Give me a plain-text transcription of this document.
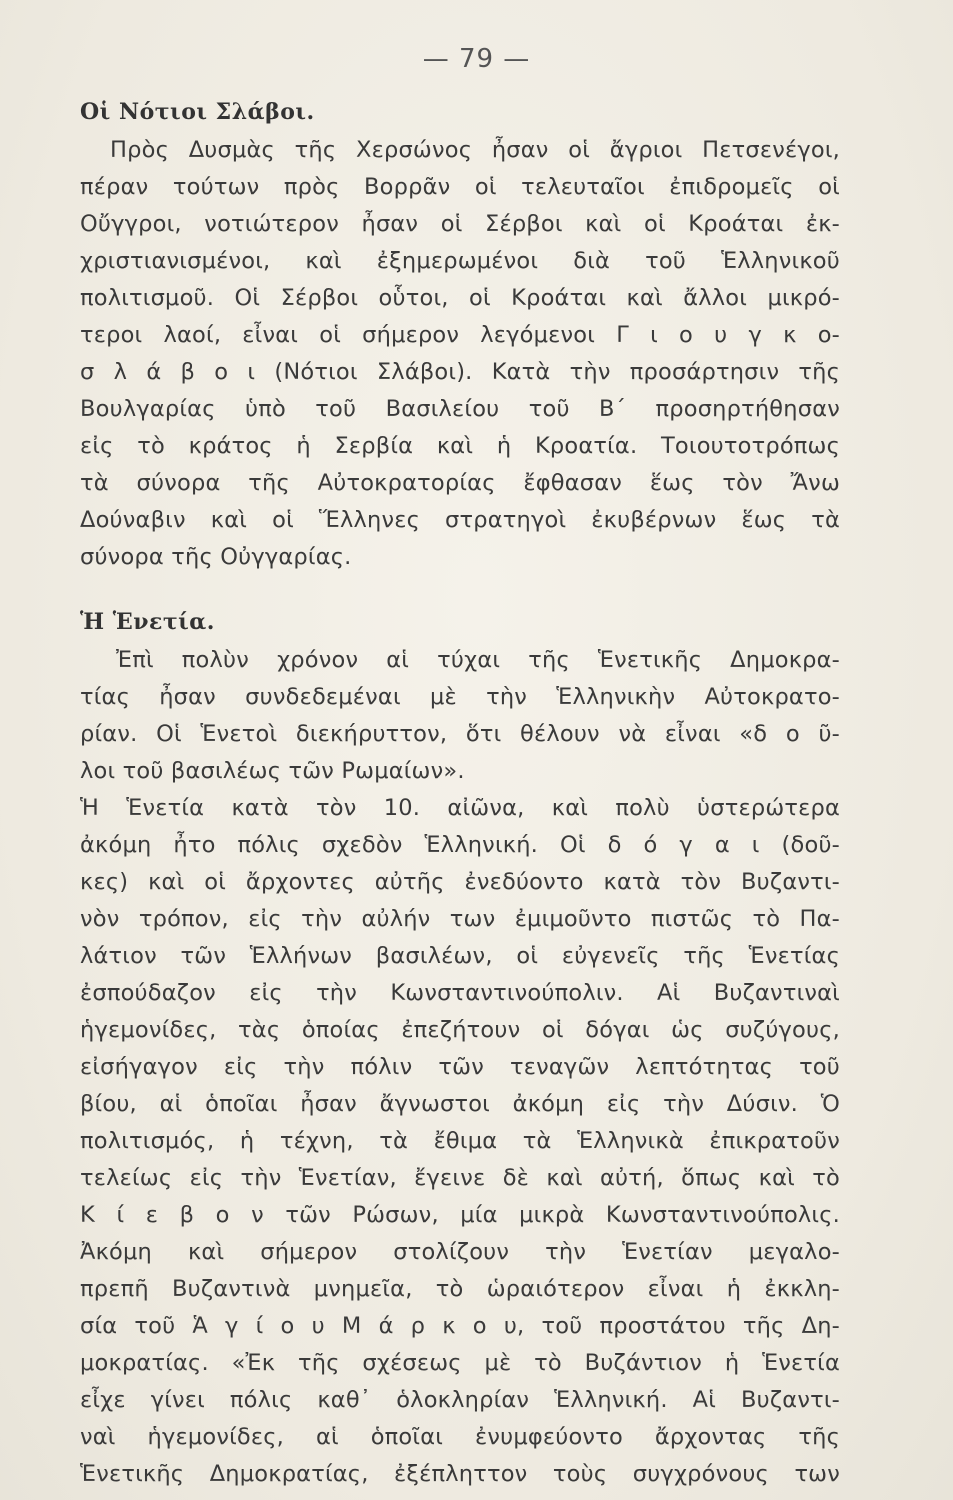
— 79 —
Οἱ Νότιοι Σλάβοι.
Πρὸς Δυσμὰς τῆς Χερσώνος ἦσαν οἱ ἄγριοι Πετσενέγοι,
πέραν τούτων πρὸς Βορρᾶν οἱ τελευταῖοι ἐπιδρομεῖς οἱ
Οὔγγροι, νοτιώτερον ἦσαν οἱ Σέρβοι καὶ οἱ Κροάται ἐκ-
χριστιανισμένοι, καὶ ἐξημερωμένοι διὰ τοῦ Ἑλληνικοῦ
πολιτισμοῦ. Οἱ Σέρβοι οὗτοι, οἱ Κροάται καὶ ἄλλοι μικρό-
τεροι λαοί, εἶναι οἱ σήμερον λεγόμενοι Γ ι ο υ γ κ ο-
σ λ ά β ο ι (Νότιοι Σλάβοι). Κατὰ τὴν προσάρτησιν τῆς
Βουλγαρίας ὑπὸ τοῦ Βασιλείου τοῦ Β΄ προσηρτήθησαν
εἰς τὸ κράτος ἡ Σερβία καὶ ἡ Κροατία. Τοιουτοτρόπως
τὰ σύνορα τῆς Αὐτοκρατορίας ἔφθασαν ἕως τὸν Ἄνω
Δούναβιν καὶ οἱ Ἕλληνες στρατηγοὶ ἐκυβέρνων ἕως τὰ
σύνορα τῆς Οὐγγαρίας.
Ἡ Ἑνετία.
Ἐπὶ πολὺν χρόνον αἱ τύχαι τῆς Ἑνετικῆς Δημοκρα-
τίας ἦσαν συνδεδεμέναι μὲ τὴν Ἑλληνικὴν Αὐτοκρατο-
ρίαν. Οἱ Ἑνετοὶ διεκήρυττον, ὅτι θέλουν νὰ εἶναι «δ ο ῦ-
λοι τοῦ βασιλέως τῶν Ρωμαίων».
Ἡ Ἑνετία κατὰ τὸν 10. αἰῶνα, καὶ πολὺ ὑστερώτερα
ἀκόμη ἦτο πόλις σχεδὸν Ἑλληνική. Οἱ δ ό γ α ι (δοῦ-
κες) καὶ οἱ ἄρχοντες αὐτῆς ἐνεδύοντο κατὰ τὸν Βυζαντι-
νὸν τρόπον, εἰς τὴν αὐλήν των ἐμιμοῦντο πιστῶς τὸ Πα-
λάτιον τῶν Ἑλλήνων βασιλέων, οἱ εὐγενεῖς τῆς Ἑνετίας
ἐσπούδαζον εἰς τὴν Κωνσταντινούπολιν. Αἱ Βυζαντιναὶ
ἡγεμονίδες, τὰς ὁποίας ἐπεζήτουν οἱ δόγαι ὡς συζύγους,
εἰσήγαγον εἰς τὴν πόλιν τῶν τεναγῶν λεπτότητας τοῦ
βίου, αἱ ὁποῖαι ἦσαν ἄγνωστοι ἀκόμη εἰς τὴν Δύσιν. Ὁ
πολιτισμός, ἡ τέχνη, τὰ ἔθιμα τὰ Ἑλληνικὰ ἐπικρατοῦν
τελείως εἰς τὴν Ἑνετίαν, ἔγεινε δὲ καὶ αὐτή, ὅπως καὶ τὸ
Κ ί ε β ο ν τῶν Ρώσων, μία μικρὰ Κωνσταντινούπολις.
Ἀκόμη καὶ σήμερον στολίζουν τὴν Ἑνετίαν μεγαλο-
πρεπῆ Βυζαντινὰ μνημεῖα, τὸ ὡραιότερον εἶναι ἡ ἐκκλη-
σία τοῦ Ἁ γ ί ο υ Μ ά ρ κ ο υ, τοῦ προστάτου τῆς Δη-
μοκρατίας. «Ἐκ τῆς σχέσεως μὲ τὸ Βυζάντιον ἡ Ἑνετία
εἶχε γίνει πόλις καθ᾽ ὁλοκληρίαν Ἑλληνική. Αἱ Βυζαντι-
ναὶ ἡγεμονίδες, αἱ ὁποῖαι ἐνυμφεύοντο ἄρχοντας τῆς
Ἑνετικῆς Δημοκρατίας, ἐξέπληττον τοὺς συγχρόνους των
